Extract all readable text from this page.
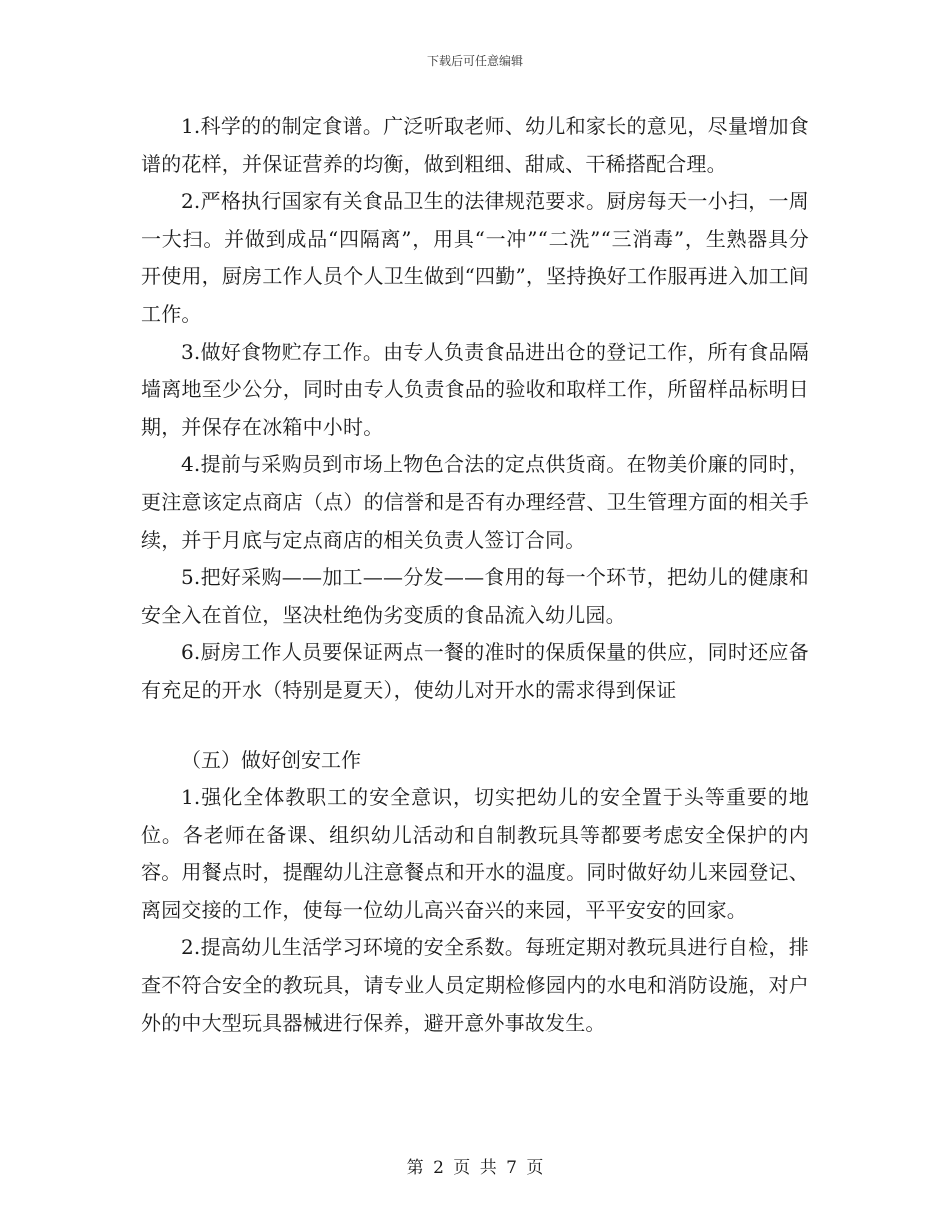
下载后可任意编辑

1.科学的的制定食谱。广泛听取老师、幼儿和家长的意见，尽量增加食谱的花样，并保证营养的均衡，做到粗细、甜咸、干稀搭配合理。

2.严格执行国家有关食品卫生的法律规范要求。厨房每天一小扫，一周一大扫。并做到成品“四隔离”，用具“一冲”“二洗”“三消毒”，生熟器具分开使用，厨房工作人员个人卫生做到“四勤”，坚持换好工作服再进入加工间工作。

3.做好食物贮存工作。由专人负责食品进出仓的登记工作，所有食品隔墙离地至少公分，同时由专人负责食品的验收和取样工作，所留样品标明日期，并保存在冰箱中小时。

4.提前与采购员到市场上物色合法的定点供货商。在物美价廉的同时，更注意该定点商店（点）的信誉和是否有办理经营、卫生管理方面的相关手续，并于月底与定点商店的相关负责人签订合同。

5.把好采购——加工——分发——食用的每一个环节，把幼儿的健康和安全入在首位，坚决杜绝伪劣变质的食品流入幼儿园。

6.厨房工作人员要保证两点一餐的准时的保质保量的供应，同时还应备有充足的开水（特别是夏天），使幼儿对开水的需求得到保证

（五）做好创安工作

1.强化全体教职工的安全意识，切实把幼儿的安全置于头等重要的地位。各老师在备课、组织幼儿活动和自制教玩具等都要考虑安全保护的内容。用餐点时，提醒幼儿注意餐点和开水的温度。同时做好幼儿来园登记、离园交接的工作，使每一位幼儿高兴奋兴的来园，平平安安的回家。

2.提高幼儿生活学习环境的安全系数。每班定期对教玩具进行自检，排查不符合安全的教玩具，请专业人员定期检修园内的水电和消防设施，对户外的中大型玩具器械进行保养，避开意外事故发生。

第 2 页 共 7 页
